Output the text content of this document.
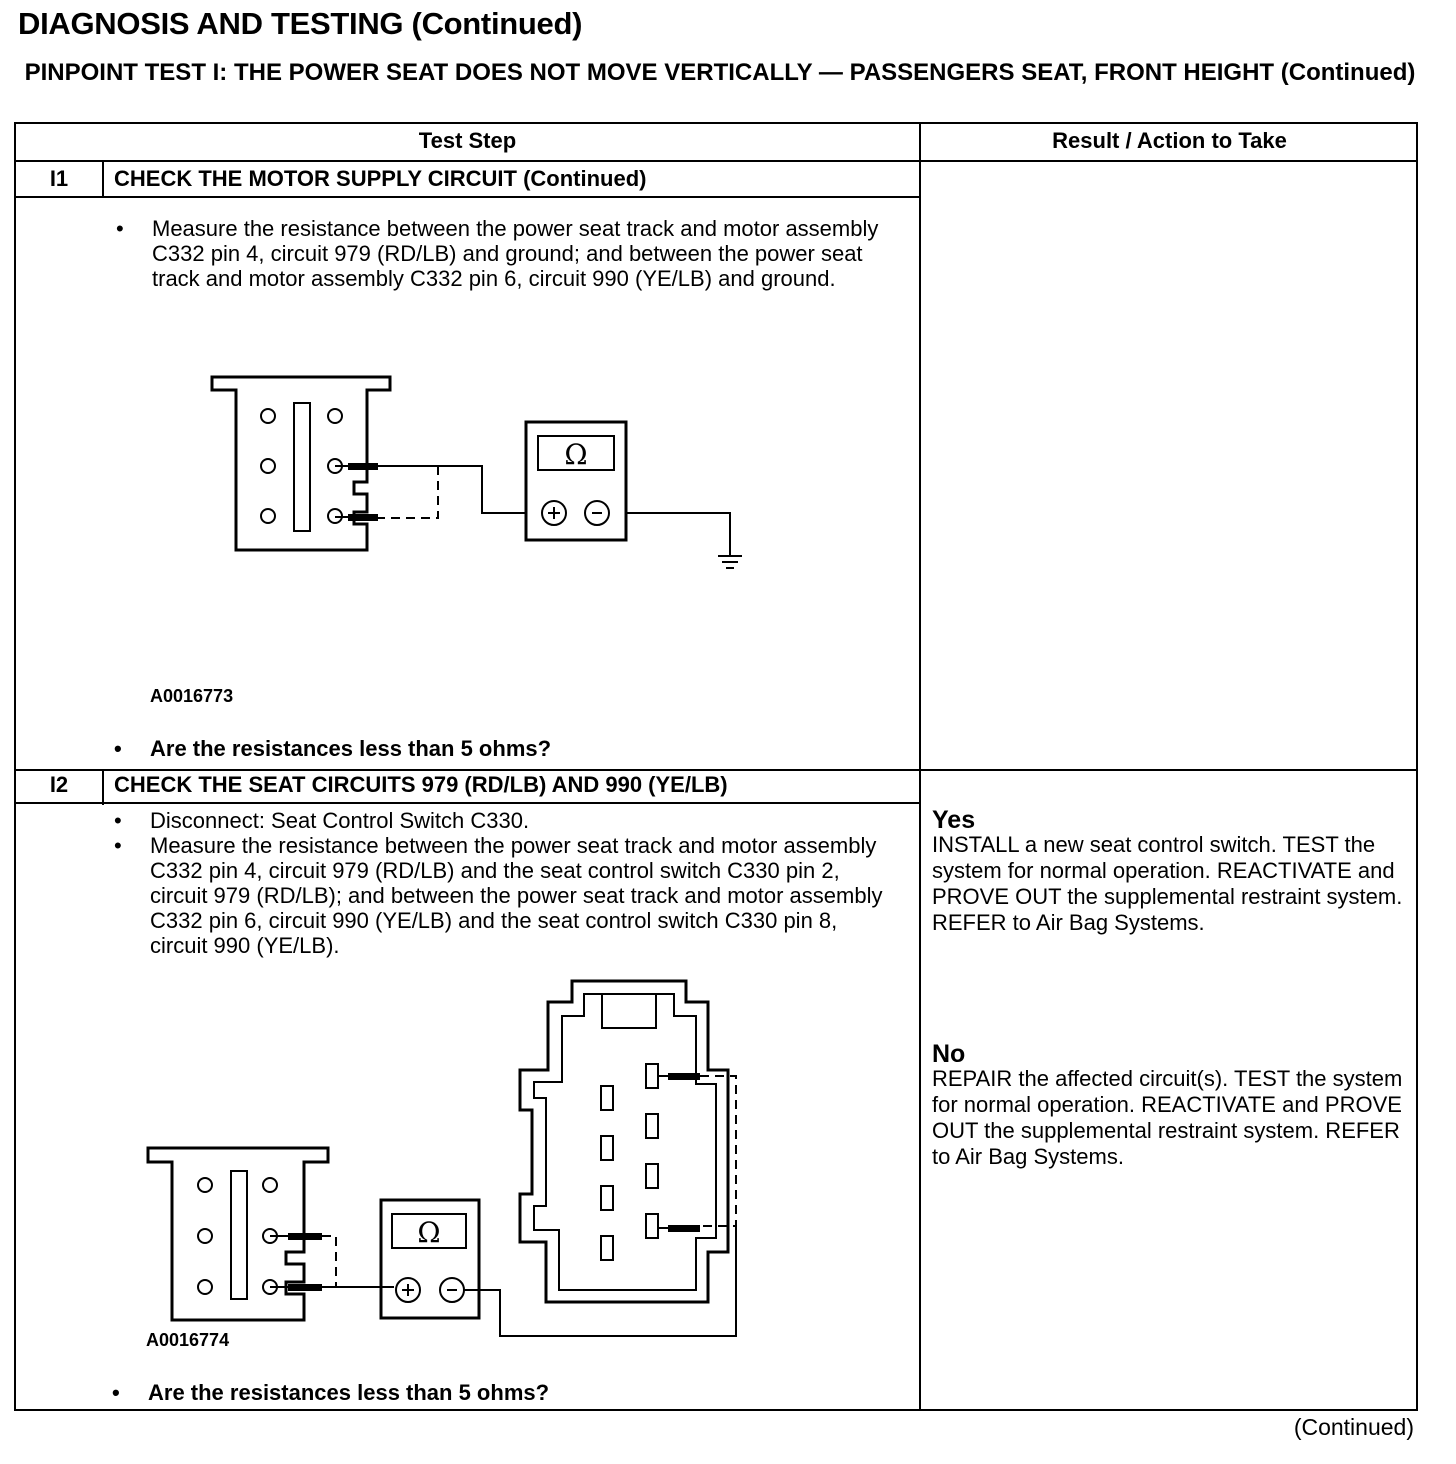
DIAGNOSIS AND TESTING (Continued)
PINPOINT TEST I: THE POWER SEAT DOES NOT MOVE VERTICALLY — PASSENGERS SEAT, FRONT HEIGHT (Continued)
Test Step	Result / Action to Take
I1	CHECK THE MOTOR SUPPLY CIRCUIT (Continued)
• Measure the resistance between the power seat track and motor assembly C332 pin 4, circuit 979 (RD/LB) and ground; and between the power seat track and motor assembly C332 pin 6, circuit 990 (YE/LB) and ground.
Ω
A0016773
• Are the resistances less than 5 ohms?
I2	CHECK THE SEAT CIRCUITS 979 (RD/LB) AND 990 (YE/LB)
• Disconnect: Seat Control Switch C330.
• Measure the resistance between the power seat track and motor assembly C332 pin 4, circuit 979 (RD/LB) and the seat control switch C330 pin 2, circuit 979 (RD/LB); and between the power seat track and motor assembly C332 pin 6, circuit 990 (YE/LB) and the seat control switch C330 pin 8, circuit 990 (YE/LB).
Ω
A0016774
• Are the resistances less than 5 ohms?
Yes
INSTALL a new seat control switch. TEST the system for normal operation. REACTIVATE and PROVE OUT the supplemental restraint system. REFER to Air Bag Systems.
No
REPAIR the affected circuit(s). TEST the system for normal operation. REACTIVATE and PROVE OUT the supplemental restraint system. REFER to Air Bag Systems.
(Continued)
